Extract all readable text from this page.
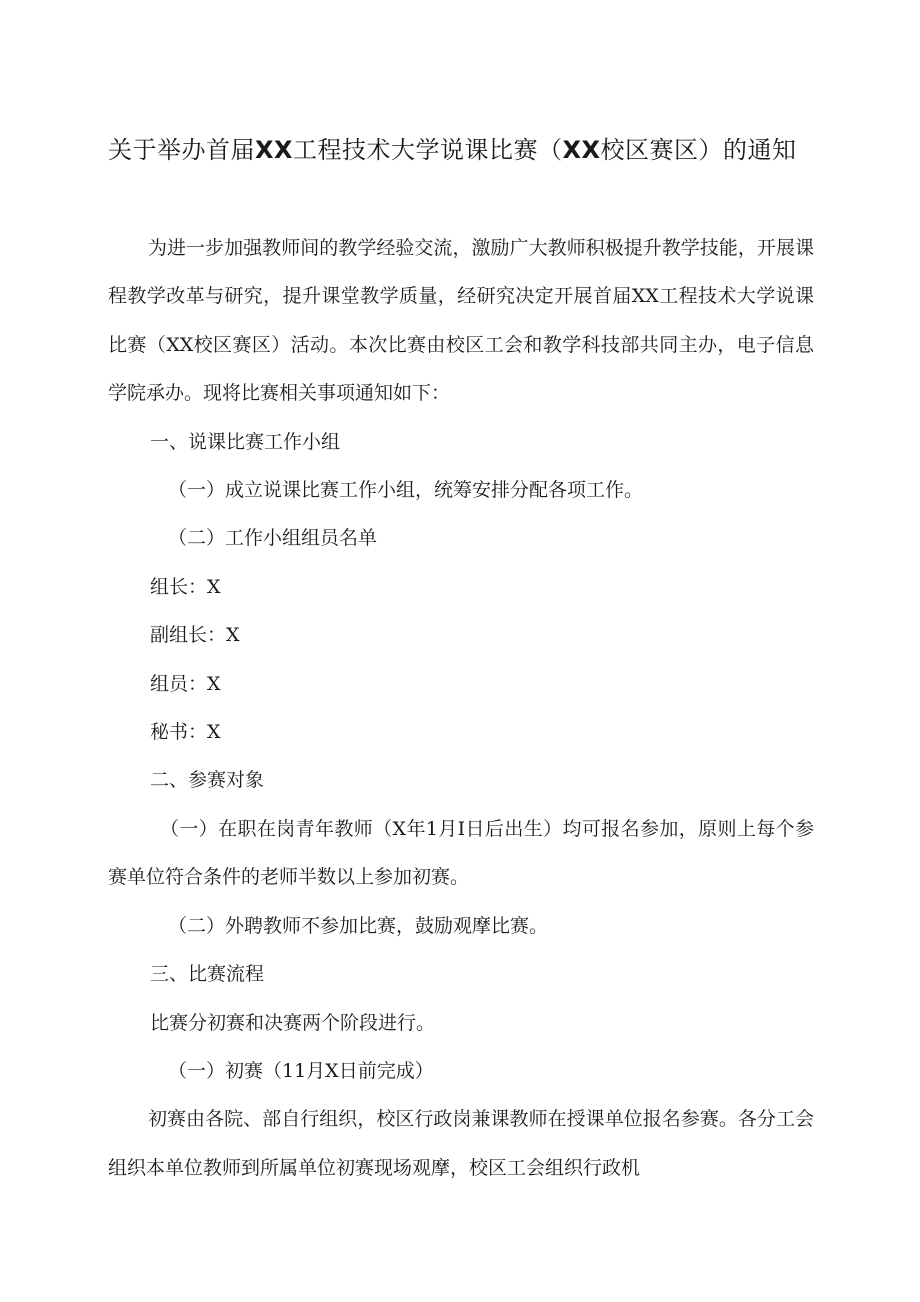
关于举办首届XX工程技术大学说课比赛（XX校区赛区）的通知

为进一步加强教师间的教学经验交流，激励广大教师积极提升教学技能，开展课程教学改革与研究，提升课堂教学质量，经研究决定开展首届XX工程技术大学说课比赛（XX校区赛区）活动。本次比赛由校区工会和教学科技部共同主办，电子信息学院承办。现将比赛相关事项通知如下：

一、说课比赛工作小组

（一）成立说课比赛工作小组，统筹安排分配各项工作。

（二）工作小组组员名单

组长：X

副组长：X

组员：X

秘书：X

二、参赛对象

（一）在职在岗青年教师（X年1月I日后出生）均可报名参加，原则上每个参赛单位符合条件的老师半数以上参加初赛。

（二）外聘教师不参加比赛，鼓励观摩比赛。

三、比赛流程

比赛分初赛和决赛两个阶段进行。

（一）初赛（11月X日前完成）

初赛由各院、部自行组织，校区行政岗兼课教师在授课单位报名参赛。各分工会组织本单位教师到所属单位初赛现场观摩，校区工会组织行政机
